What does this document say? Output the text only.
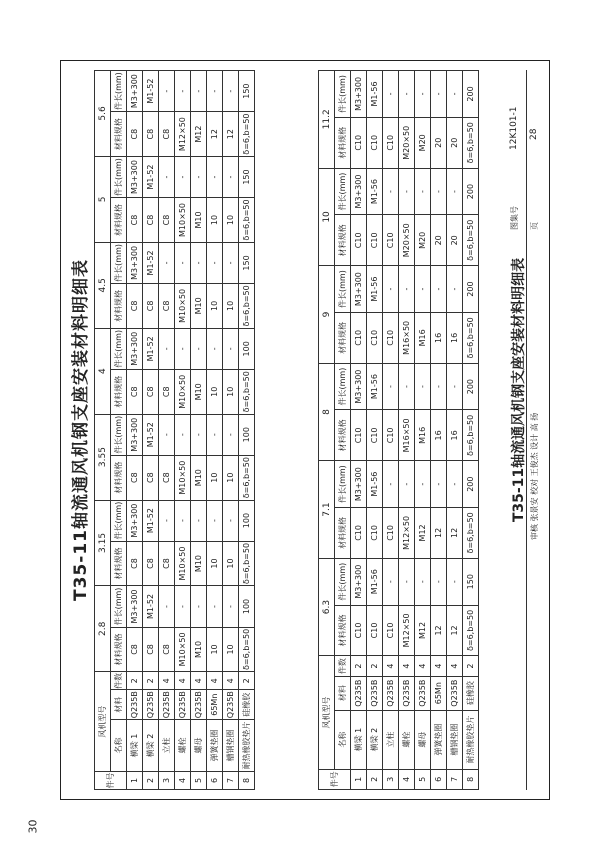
T35-11轴流通风机钢支座安装材料明细表
件号	风机型号			2.8		3.15		3.55		4		4.5		5		5.6	
	名称	材料	件数	材料规格	件长(mm)	材料规格	件长(mm)	材料规格	件长(mm)	材料规格	件长(mm)	材料规格	件长(mm)	材料规格	件长(mm)	材料规格	件长(mm)

1	横梁 1	Q235B	2	C8	M3+300	C8	M3+300	C8	M3+300	C8	M3+300	C8	M3+300	C8	M3+300	C8	M3+300
2	横梁 2	Q235B	2	C8	M1-52	C8	M1-52	C8	M1-52	C8	M1-52	C8	M1-52	C8	M1-52	C8	M1-52
3	立柱	Q235B	4	C8	-	C8	-	C8	-	C8	-	C8	-	C8	-	C8	-
4	螺栓	Q235B	4	M10×50	-	M10×50	-	M10×50	-	M10×50	-	M10×50	-	M10×50	-	M12×50	-
5	螺母	Q235B	4	M10	-	M10	-	M10	-	M10	-	M10	-	M10	-	M12	-
6	弹簧垫圈	65Mn	4	10	-	10	-	10	-	10	-	10	-	10	-	12	-
7	槽钢垫圈	Q235B	4	10	-	10	-	10	-	10	-	10	-	10	-	12	-
8	耐热橡胶垫片	硅橡胶	2	δ=6,b=50	100	δ=6,b=50	100	δ=6,b=50	100	δ=6,b=50	100	δ=6,b=50	150	δ=6,b=50	150	δ=6,b=50	150
件号	风机型号			6.3		7.1		8		9		10		11.2	
	名称	材料	件数	材料规格	件长(mm)	材料规格	件长(mm)	材料规格	件长(mm)	材料规格	件长(mm)	材料规格	件长(mm)	材料规格	件长(mm)

1	横梁 1	Q235B	2	C10	M3+300	C10	M3+300	C10	M3+300	C10	M3+300	C10	M3+300	C10	M3+300
2	横梁 2	Q235B	2	C10	M1-56	C10	M1-56	C10	M1-56	C10	M1-56	C10	M1-56	C10	M1-56
3	立柱	Q235B	4	C10	-	C10	-	C10	-	C10	-	C10	-	C10	-
4	螺栓	Q235B	4	M12×50	-	M12×50	-	M16×50	-	M16×50	-	M20×50	-	M20×50	-
5	螺母	Q235B	4	M12	-	M12	-	M16	-	M16	-	M20	-	M20	-
6	弹簧垫圈	65Mn	4	12	-	12	-	16	-	16	-	20	-	20	-
7	槽钢垫圈	Q235B	4	12	-	12	-	16	-	16	-	20	-	20	-
8	耐热橡胶垫片	硅橡胶	2	δ=6,b=50	150	δ=6,b=50	200	δ=6,b=50	200	δ=6,b=50	200	δ=6,b=50	200	δ=6,b=50	200
T35-11轴流通风机钢支座安装材料明细表
图集号
12K101-1
审核 张景安 校对 王俊杰 设计 高 扬
页
28
30
